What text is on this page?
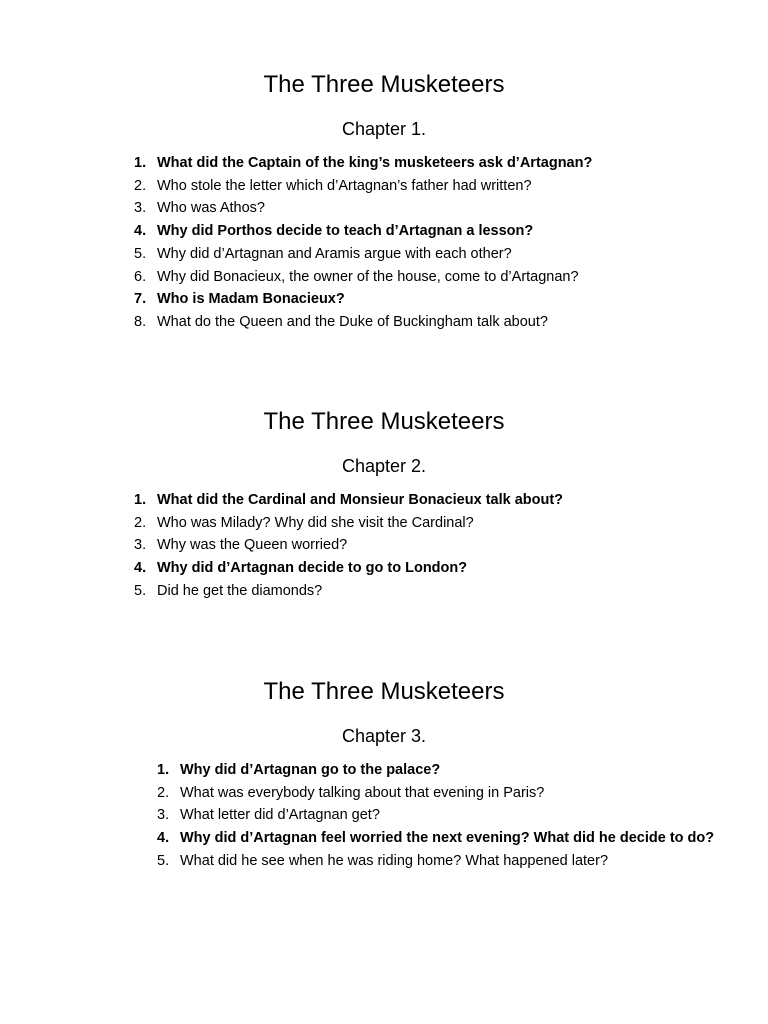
The Three Musketeers
Chapter 1.
1. What did the Captain of the king’s musketeers ask d’Artagnan?
2. Who stole the letter which d’Artagnan’s father had written?
3. Who was Athos?
4. Why did Porthos decide to teach d’Artagnan a lesson?
5. Why did d’Artagnan and Aramis argue with each other?
6. Why did Bonacieux, the owner of the house, come to d’Artagnan?
7. Who is Madam Bonacieux?
8. What do the Queen and the Duke of Buckingham talk about?
The Three Musketeers
Chapter 2.
1. What did the Cardinal and Monsieur Bonacieux talk about?
2. Who was Milady? Why did she visit the Cardinal?
3. Why was the Queen worried?
4. Why did d’Artagnan decide to go to London?
5. Did he get the diamonds?
The Three Musketeers
Chapter 3.
1. Why did d’Artagnan go to the palace?
2. What was everybody talking about that evening in Paris?
3. What letter did d’Artagnan get?
4. Why did d’Artagnan feel worried the next evening? What did he decide to do?
5. What did he see when he was riding home? What happened later?
